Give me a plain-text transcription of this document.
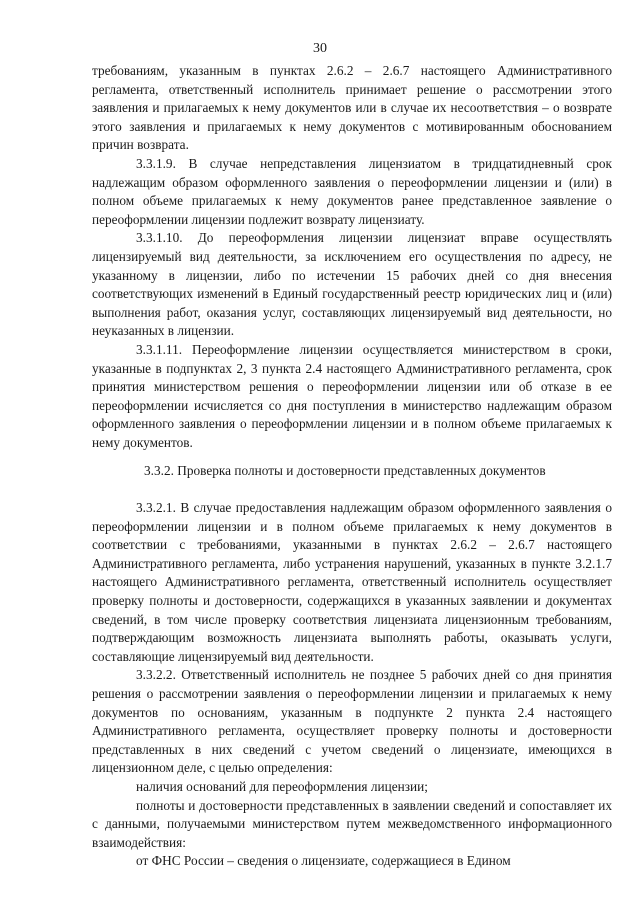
30

требованиям, указанным в пунктах 2.6.2 – 2.6.7 настоящего Административного регламента, ответственный исполнитель принимает решение о рассмотрении этого заявления и прилагаемых к нему документов или в случае их несоответствия – о возврате этого заявления и прилагаемых к нему документов с мотивированным обоснованием причин возврата.

3.3.1.9. В случае непредставления лицензиатом в тридцатидневный срок надлежащим образом оформленного заявления о переоформлении лицензии и (или) в полном объеме прилагаемых к нему документов ранее представленное заявление о переоформлении лицензии подлежит возврату лицензиату.

3.3.1.10. До переоформления лицензии лицензиат вправе осуществлять лицензируемый вид деятельности, за исключением его осуществления по адресу, не указанному в лицензии, либо по истечении 15 рабочих дней со дня внесения соответствующих изменений в Единый государственный реестр юридических лиц и (или) выполнения работ, оказания услуг, составляющих лицензируемый вид деятельности, но неуказанных в лицензии.

3.3.1.11. Переоформление лицензии осуществляется министерством в сроки, указанные в подпунктах 2, 3 пункта 2.4 настоящего Административного регламента, срок принятия министерством решения о переоформлении лицензии или об отказе в ее переоформлении исчисляется со дня поступления в министерство надлежащим образом оформленного заявления о переоформлении лицензии и в полном объеме прилагаемых к нему документов.

3.3.2. Проверка полноты и достоверности представленных документов

3.3.2.1. В случае предоставления надлежащим образом оформленного заявления о переоформлении лицензии и в полном объеме прилагаемых к нему документов в соответствии с требованиями, указанными в пунктах 2.6.2 – 2.6.7 настоящего Административного регламента, либо устранения нарушений, указанных в пункте 3.2.1.7 настоящего Административного регламента, ответственный исполнитель осуществляет проверку полноты и достоверности, содержащихся в указанных заявлении и документах сведений, в том числе проверку соответствия лицензиата лицензионным требованиям, подтверждающим возможность лицензиата выполнять работы, оказывать услуги, составляющие лицензируемый вид деятельности.

3.3.2.2. Ответственный исполнитель не позднее 5 рабочих дней со дня принятия решения о рассмотрении заявления о переоформлении лицензии и прилагаемых к нему документов по основаниям, указанным в подпункте 2 пункта 2.4 настоящего Административного регламента, осуществляет проверку полноты и достоверности представленных в них сведений с учетом сведений о лицензиате, имеющихся в лицензионном деле, с целью определения:

наличия оснований для переоформления лицензии;

полноты и достоверности представленных в заявлении сведений и сопоставляет их с данными, получаемыми министерством путем межведомственного информационного взаимодействия:

от ФНС России – сведения о лицензиате, содержащиеся в Едином
